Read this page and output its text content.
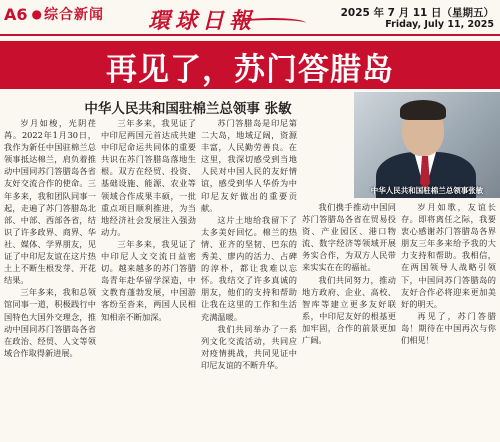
A6 ● 综合新闻 環球日報	2025 年 7 月 11 日（星期五）
Friday, July 11, 2025
再见了，苏门答腊岛
中华人民共和国驻棉兰总领事 张敏
中华人民共和国驻棉兰总领事张敏

岁月如梭，光阴荏苒。2022年1月30日，我作为新任中国驻棉兰总领事抵达棉兰，肩负着推动中国同苏门答腊岛各省友好交流合作的使命。三年多来，我和团队同事一起，走遍了苏门答腊岛北部、中部、西部各省，结识了许多政界、商界、华社、媒体、学界朋友，见证了中印尼友谊在这片热土上不断生根发芽、开花结果。

三年多来，我和总领馆同事一道，积极践行中国特色大国外交理念，推动中国同苏门答腊岛各省在政治、经贸、人文等领域合作取得新进展。

三年多来，我见证了中印尼两国元首达成共建中印尼命运共同体的重要共识在苏门答腊岛落地生根。双方在经贸、投资、基础设施、能源、农业等领域合作成果丰硕，一批重点项目顺利推进，为当地经济社会发展注入强劲动力。

三年多来，我见证了中印尼人文交流日益密切。越来越多的苏门答腊岛青年赴华留学深造，中文教育蓬勃发展，中国游客纷至沓来，两国人民相知相亲不断加深。

苏门答腊岛是印尼第二大岛，地域辽阔，资源丰富，人民勤劳善良。在这里，我深切感受到当地人民对中国人民的友好情谊，感受到华人华侨为中印尼友好做出的重要贡献。

这片土地给我留下了太多美好回忆。棉兰的热情、亚齐的坚韧、巴东的秀美、廖内的活力、占碑的淳朴，都让我难以忘怀。我结交了许多真诚的朋友，他们的支持和帮助让我在这里的工作和生活充满温暖。

我们共同举办了一系列文化交流活动，共同应对疫情挑战，共同见证中印尼友谊的不断升华。

我们携手推动中国同苏门答腊岛各省在贸易投资、产业园区、港口物流、数字经济等领域开展务实合作，为双方人民带来实实在在的福祉。

我们共同努力，推动地方政府、企业、高校、智库等建立更多友好联系，中印尼友好的根基更加牢固，合作的前景更加广阔。

岁月如歌，友谊长存。即将离任之际，我要衷心感谢苏门答腊岛各界朋友三年多来给予我的大力支持和帮助。我相信，在两国领导人战略引领下，中国同苏门答腊岛的友好合作必将迎来更加美好的明天。

再见了，苏门答腊岛！期待在中国再次与你们相见！
